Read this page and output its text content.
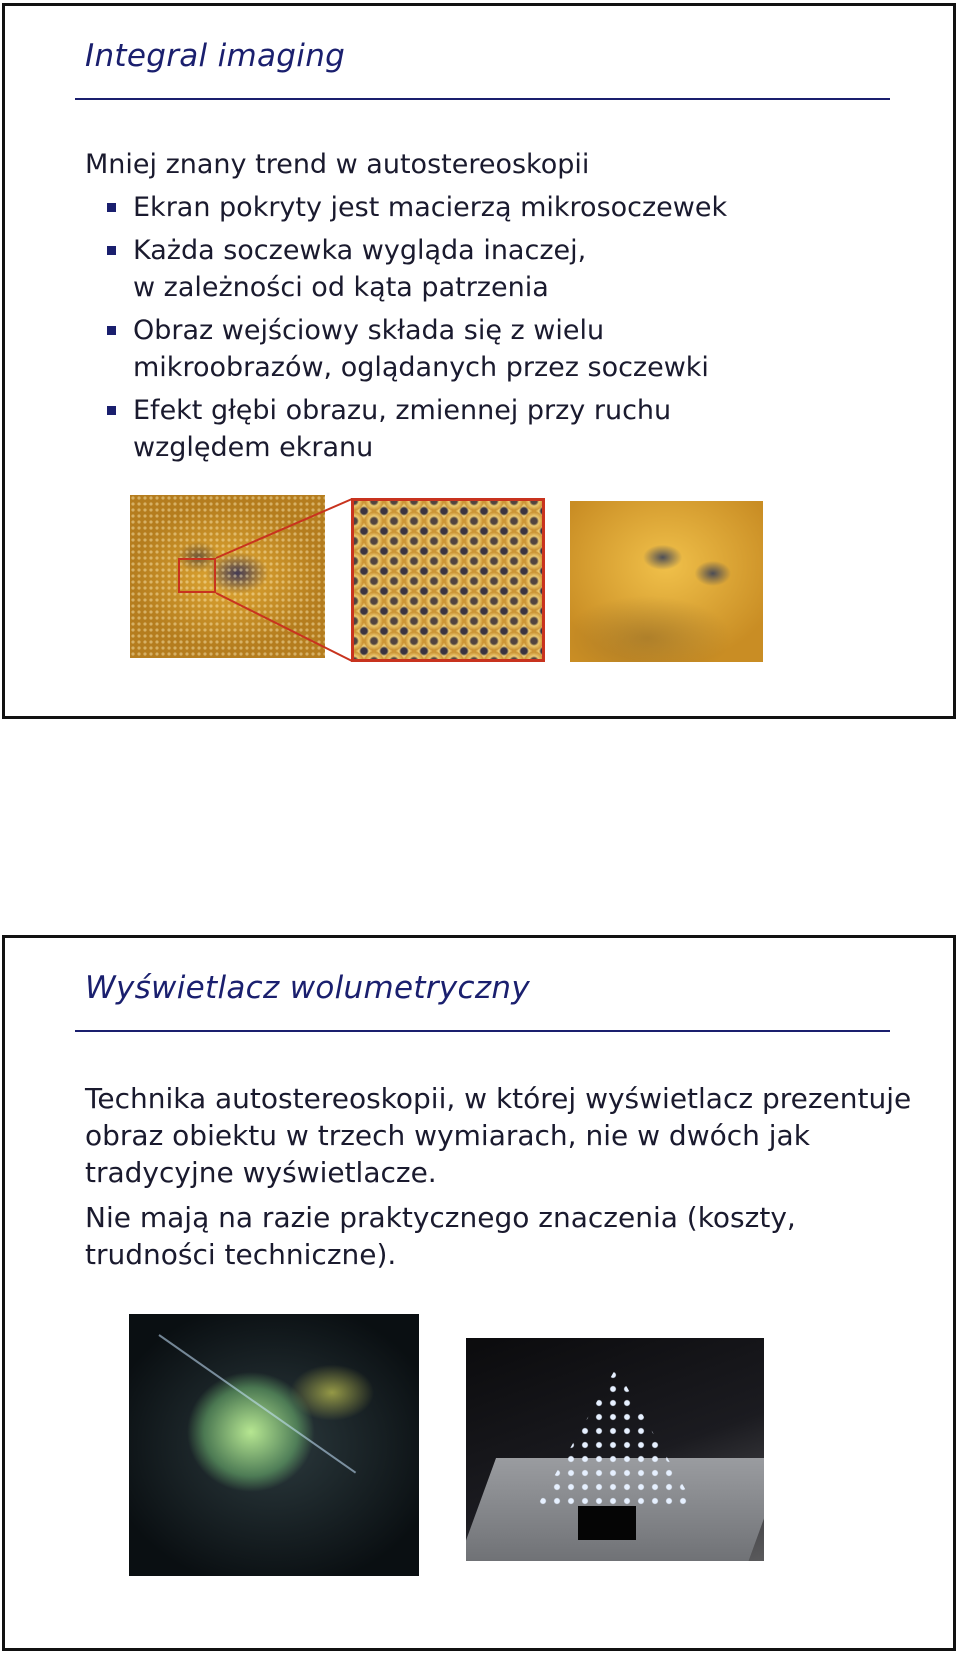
Integral imaging

Mniej znany trend w autostereoskopii

Ekran pokryty jest macierzą mikrosoczewek
Każda soczewka wygląda inaczej,
w zależności od kąta patrzenia
Obraz wejściowy składa się z wielu
mikroobrazów, oglądanych przez soczewki
Efekt głębi obrazu, zmiennej przy ruchu
względem ekranu
Wyświetlacz wolumetryczny

Technika autostereoskopii, w której wyświetlacz prezentuje obraz obiektu w trzech wymiarach, nie w dwóch jak tradycyjne wyświetlacze.

Nie mają na razie praktycznego znaczenia (koszty, trudności techniczne).
